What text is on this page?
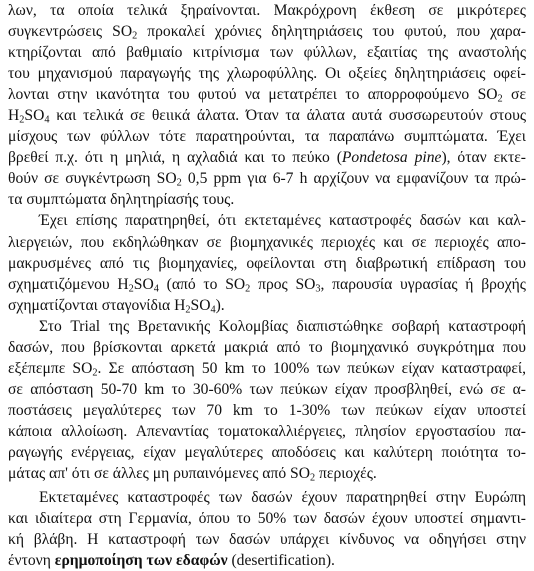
λων, τα οποία τελικά ξηραίνονται. Μακρόχρονη έκθεση σε μικρότερες
συγκεντρώσεις $SO_2$ προκαλεί χρόνιες δηλητηριάσεις του φυτού, που χαρα-
κτηρίζονται από βαθμιαίο κιτρίνισμα των φύλλων, εξαιτίας της αναστολής
του μηχανισμού παραγωγής της χλωροφύλλης. Οι οξείες δηλητηριάσεις οφεί-
λονται στην ικανότητα του φυτού να μετατρέπει το απορροφούμενο $SO_2$ σε
$H_2SO_4$ και τελικά σε θειικά άλατα. Όταν τα άλατα αυτά συσσωρευτούν στους
μίσχους των φύλλων τότε παρατηρούνται, τα παραπάνω συμπτώματα. Έχει
βρεθεί π.χ. ότι η μηλιά, η αχλαδιά και το πεύκο (Pondetosa pine), όταν εκτε-
θούν σε συγκέντρωση $SO_2$ 0,5 ppm για 6-7 h αρχίζουν να εμφανίζουν τα πρώ-
τα συμπτώματα δηλητηρίασής τους.
Έχει επίσης παρατηρηθεί, ότι εκτεταμένες καταστροφές δασών και καλ-
λιεργειών, που εκδηλώθηκαν σε βιομηχανικές περιοχές και σε περιοχές απο-
μακρυσμένες από τις βιομηχανίες, οφείλονται στη διαβρωτική επίδραση του
σχηματιζόμενου $H_2SO_4$ (από το $SO_2$ προς $SO_3$, παρουσία υγρασίας ή βροχής
σχηματίζονται σταγονίδια $H_2SO_4$).
Στο Trial της Βρετανικής Κολομβίας διαπιστώθηκε σοβαρή καταστροφή
δασών, που βρίσκονται αρκετά μακριά από το βιομηχανικό συγκρότημα που
εξέπεμπε $SO_2$. Σε απόσταση 50 km το 100% των πεύκων είχαν καταστραφεί,
σε απόσταση 50-70 km το 30-60% των πεύκων είχαν προσβληθεί, ενώ σε α-
ποστάσεις μεγαλύτερες των 70 km το 1-30% των πεύκων είχαν υποστεί
κάποια αλλοίωση. Απεναντίας τοματοκαλλιέργειες, πλησίον εργοστασίου πα-
ραγωγής ενέργειας, είχαν μεγαλύτερες αποδόσεις και καλύτερη ποιότητα το-
μάτας απ' ότι σε άλλες μη ρυπαινόμενες από $SO_2$ περιοχές.
Εκτεταμένες καταστροφές των δασών έχουν παρατηρηθεί στην Ευρώπη
και ιδιαίτερα στη Γερμανία, όπου το 50% των δασών έχουν υποστεί σημαντι-
κή βλάβη. Η καταστροφή των δασών υπάρχει κίνδυνος να οδηγήσει στην
έντονη ερημοποίηση των εδαφών (desertification).
